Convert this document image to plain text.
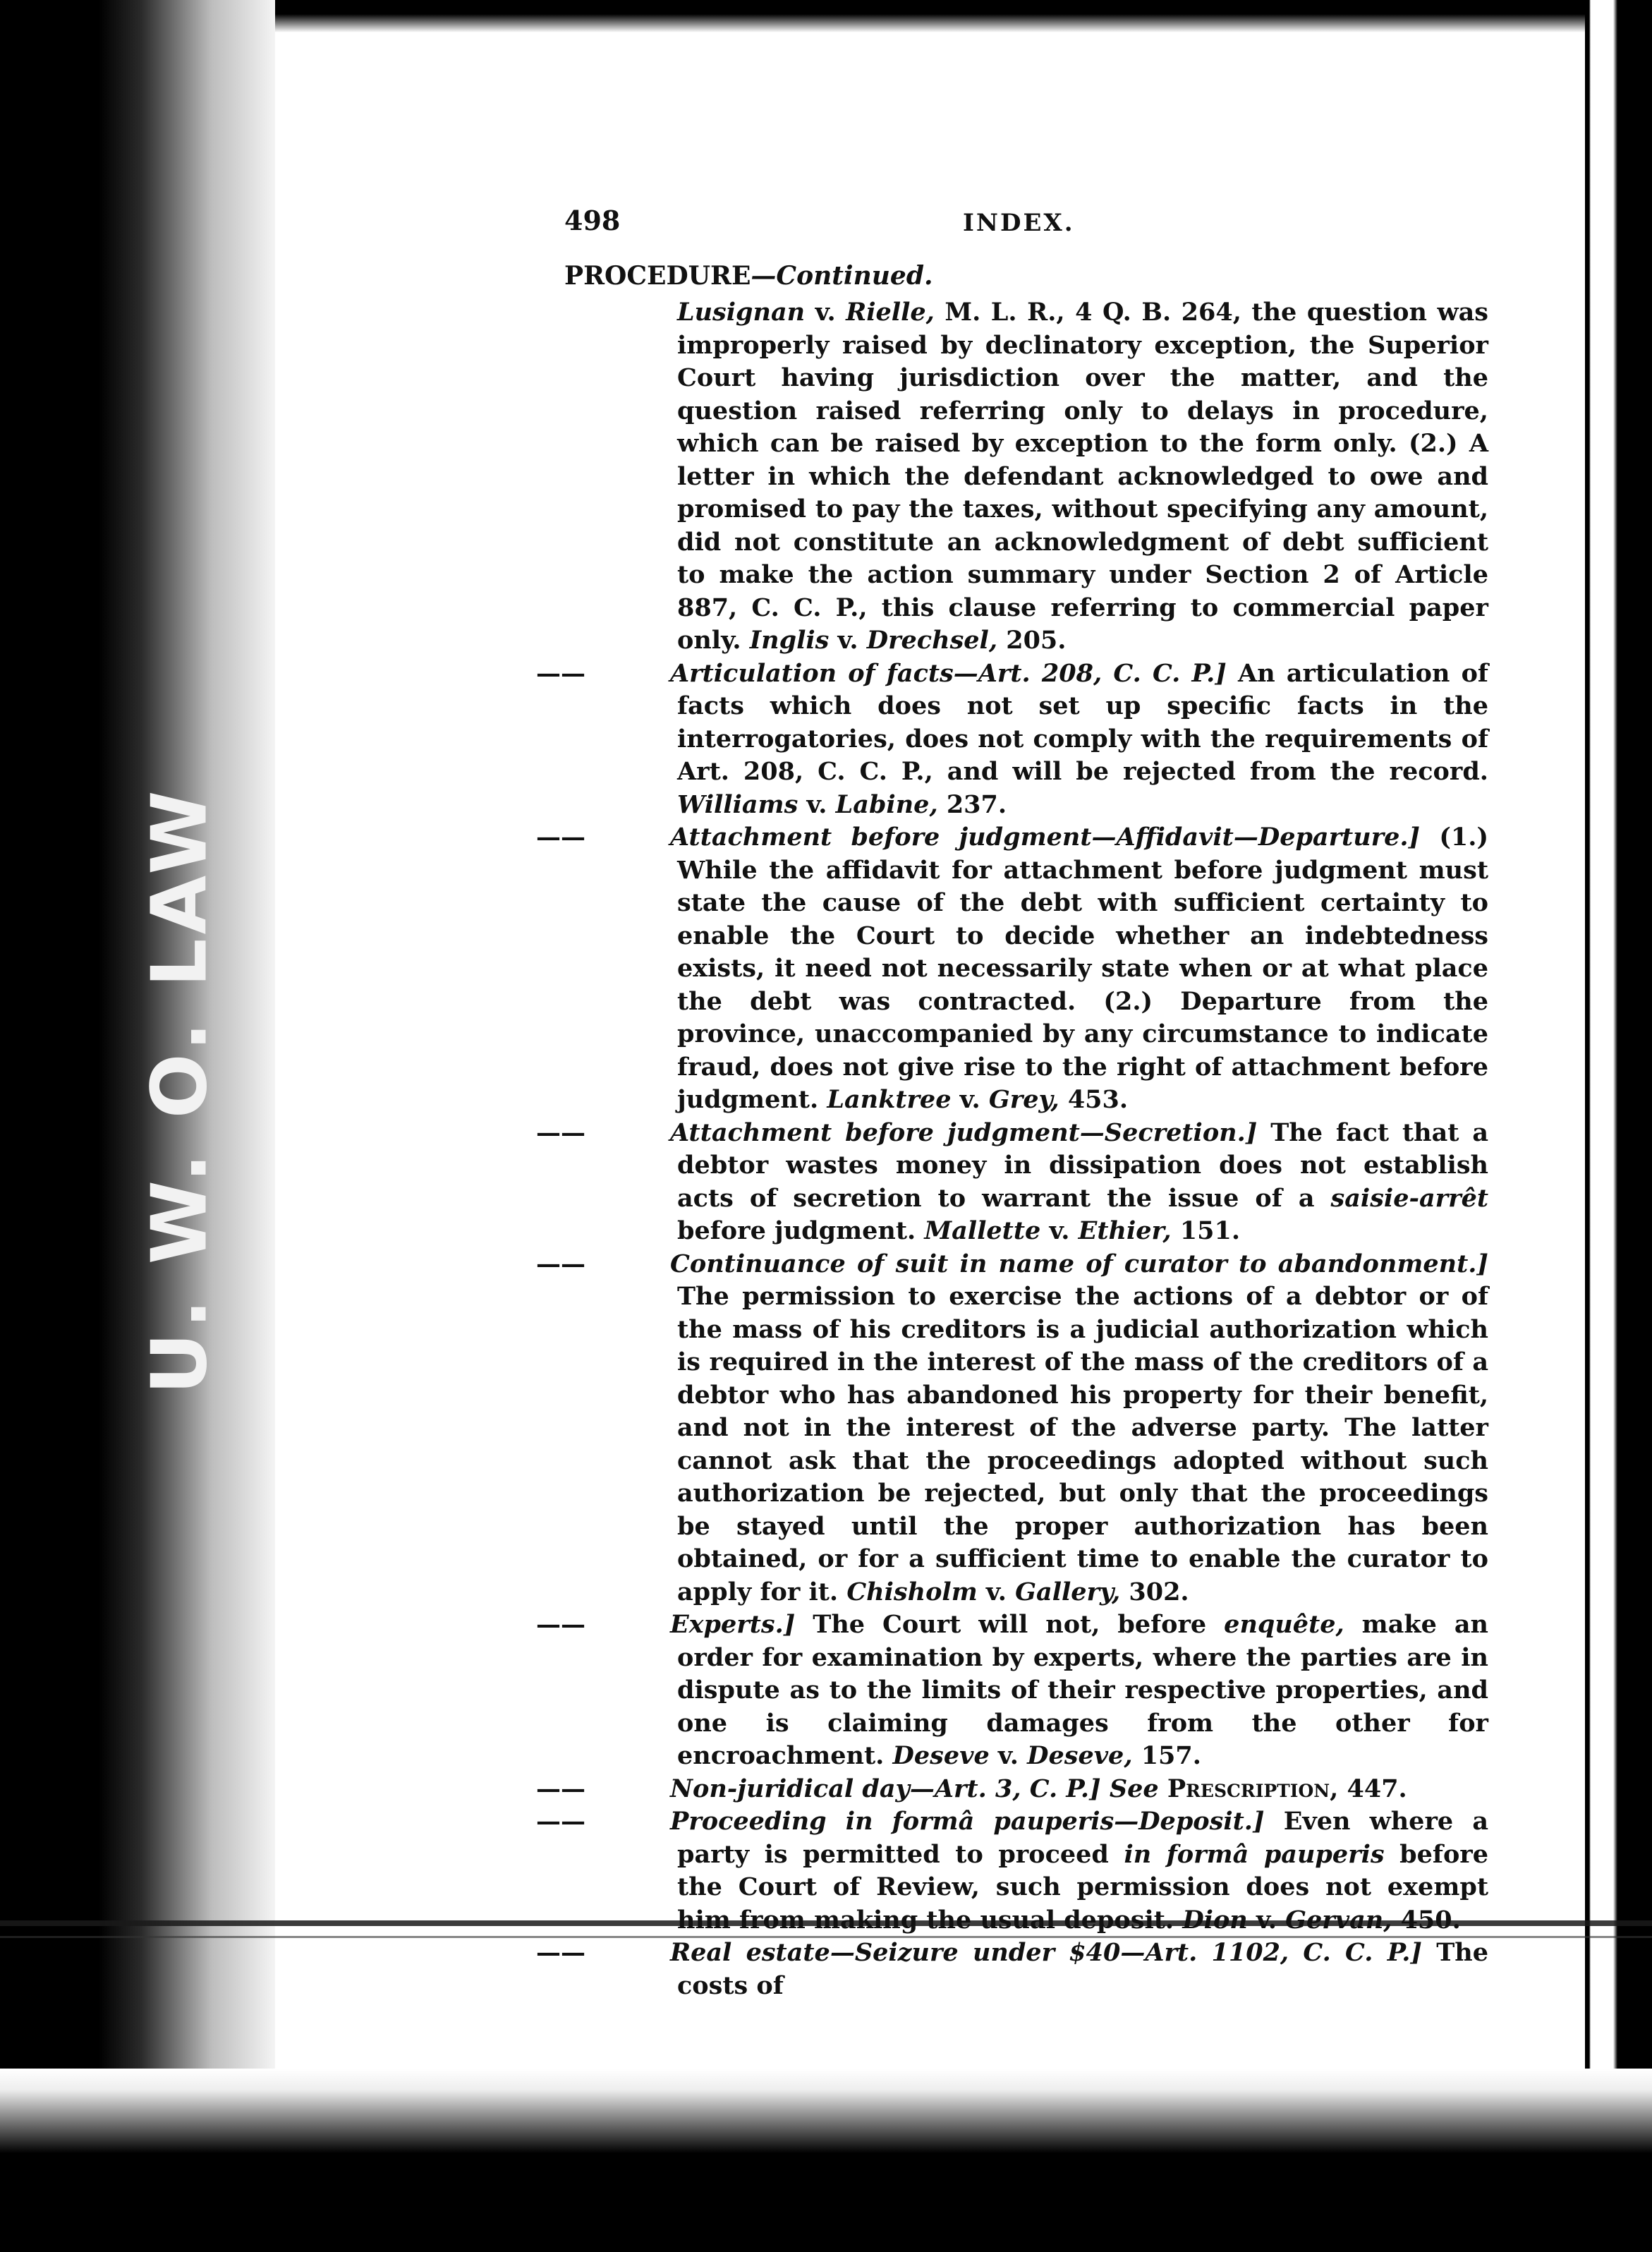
U. W. O. LAW
498	INDEX.
PROCEDURE—Continued.

Lusignan v. Rielle, M. L. R., 4 Q. B. 264, the question was improperly raised by declinatory exception, the Superior Court having jurisdiction over the matter, and the question raised referring only to delays in procedure, which can be raised by exception to the form only. (2.) A letter in which the defendant acknowledged to owe and promised to pay the taxes, without specifying any amount, did not constitute an acknowledgment of debt sufficient to make the action summary under Section 2 of Article 887, C. C. P., this clause referring to commercial paper only. Inglis v. Drechsel, 205.

——	Articulation of facts—Art. 208, C. C. P.] An articulation of facts which does not set up specific facts in the interrogatories, does not comply with the requirements of Art. 208, C. C. P., and will be rejected from the record. Williams v. Labine, 237.

——	Attachment before judgment—Affidavit—Departure.] (1.) While the affidavit for attachment before judgment must state the cause of the debt with sufficient certainty to enable the Court to decide whether an indebtedness exists, it need not necessarily state when or at what place the debt was contracted. (2.) Departure from the province, unaccompanied by any circumstance to indicate fraud, does not give rise to the right of attachment before judgment. Lanktree v. Grey, 453.

——	Attachment before judgment—Secretion.] The fact that a debtor wastes money in dissipation does not establish acts of secretion to warrant the issue of a saisie-arrêt before judgment. Mallette v. Ethier, 151.

——	Continuance of suit in name of curator to abandonment.] The permission to exercise the actions of a debtor or of the mass of his creditors is a judicial authorization which is required in the interest of the mass of the creditors of a debtor who has abandoned his property for their benefit, and not in the interest of the adverse party. The latter cannot ask that the proceedings adopted without such authorization be rejected, but only that the proceedings be stayed until the proper authorization has been obtained, or for a sufficient time to enable the curator to apply for it. Chisholm v. Gallery, 302.

——	Experts.] The Court will not, before enquête, make an order for examination by experts, where the parties are in dispute as to the limits of their respective properties, and one is claiming damages from the other for encroachment. Deseve v. Deseve, 157.

——	Non-juridical day—Art. 3, C. P.] See Prescription, 447.

——	Proceeding in formâ pauperis—Deposit.] Even where a party is permitted to proceed in formâ pauperis before the Court of Review, such permission does not exempt him from making the usual deposit. Dion v. Gervan, 450.

——	Real estate—Seizure under $40—Art. 1102, C. C. P.] The costs of
